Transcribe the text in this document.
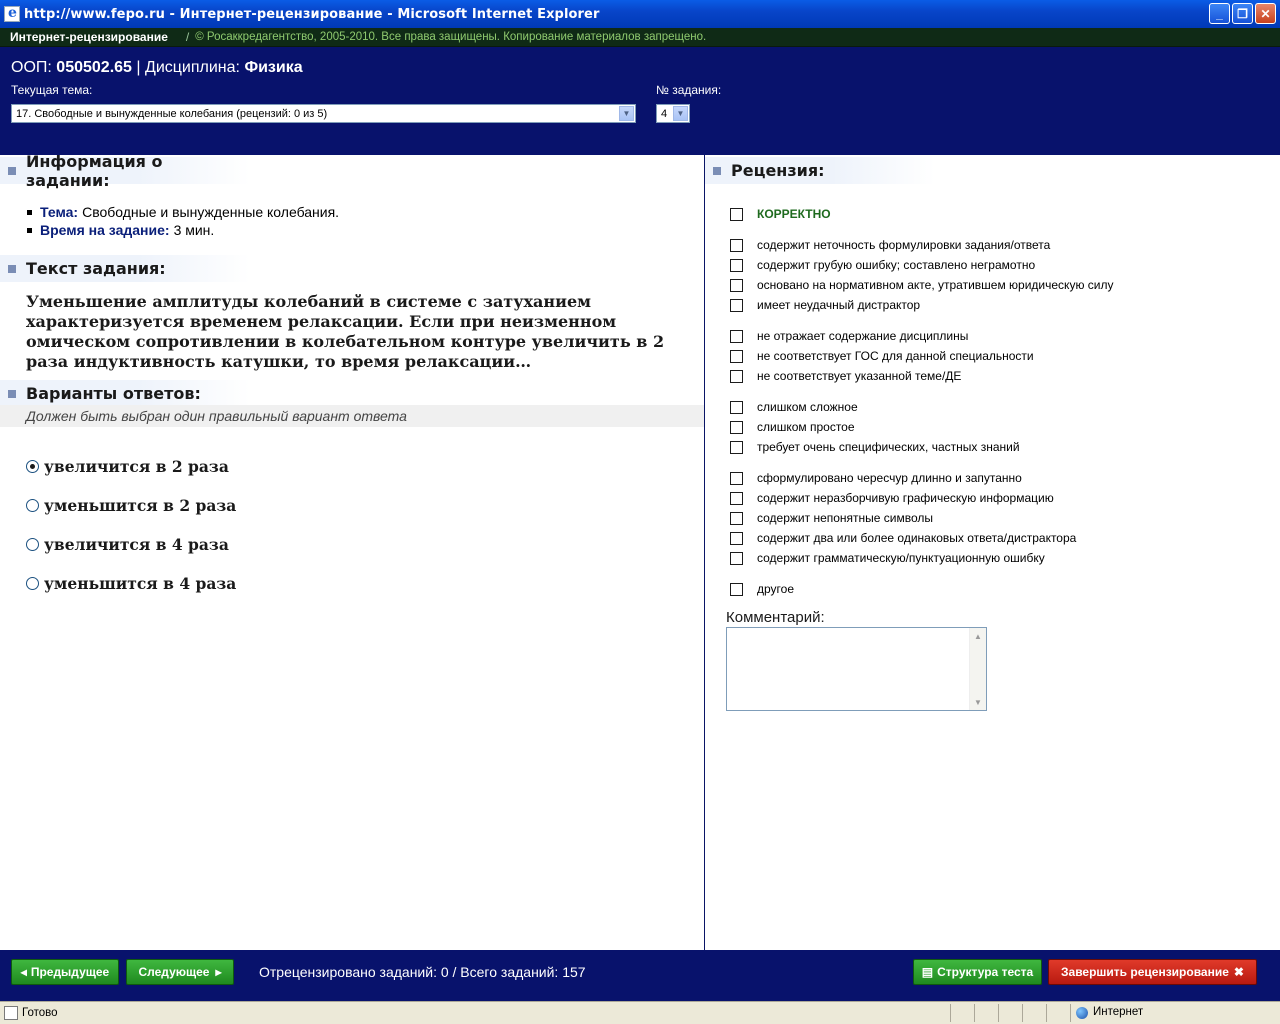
e
http://www.fepo.ru - Интернет-рецензирование - Microsoft Internet Explorer	_	❐	✕
Интернет-рецензирование / © Росаккредагентство, 2005-2010. Все права защищены. Копирование материалов запрещено.
ООП: 050502.65 | Дисциплина: Физика
Текущая тема:
17. Свободные и вынужденные колебания (рецензий: 0 из 5)	▼
№ задания:
4	▼
Информация о задании:
Тема: Свободные и вынужденные колебания.
Время на задание: 3 мин.
Текст задания:
Уменьшение амплитуды колебаний в системе с затуханием характеризуется временем релаксации. Если при неизменном омическом сопротивлении в колебательном контуре увеличить в 2 раза индуктивность катушки, то время релаксации…
Варианты ответов:
Должен быть выбран один правильный вариант ответа
увеличится в 2 раза
уменьшится в 2 раза
увеличится в 4 раза
уменьшится в 4 раза
Рецензия:
КОРРЕКТНО
содержит неточность формулировки задания/ответа
содержит грубую ошибку; составлено неграмотно
основано на нормативном акте, утратившем юридическую силу
имеет неудачный дистрактор
не отражает содержание дисциплины
не соответствует ГОС для данной специальности
не соответствует указанной теме/ДЕ
слишком сложное
слишком простое
требует очень специфических, частных знаний
сформулировано чересчур длинно и запутанно
содержит неразборчивую графическую информацию
содержит непонятные символы
содержит два или более одинаковых ответа/дистрактора
содержит грамматическую/пунктуационную ошибку
другое
Комментарий:
▲
▼
◂ Предыдущее Следующее ▸	Отрецензировано заданий: 0 / Всего заданий: 157	▤ Структура теста Завершить рецензирование ✖
Готово	Интернет
